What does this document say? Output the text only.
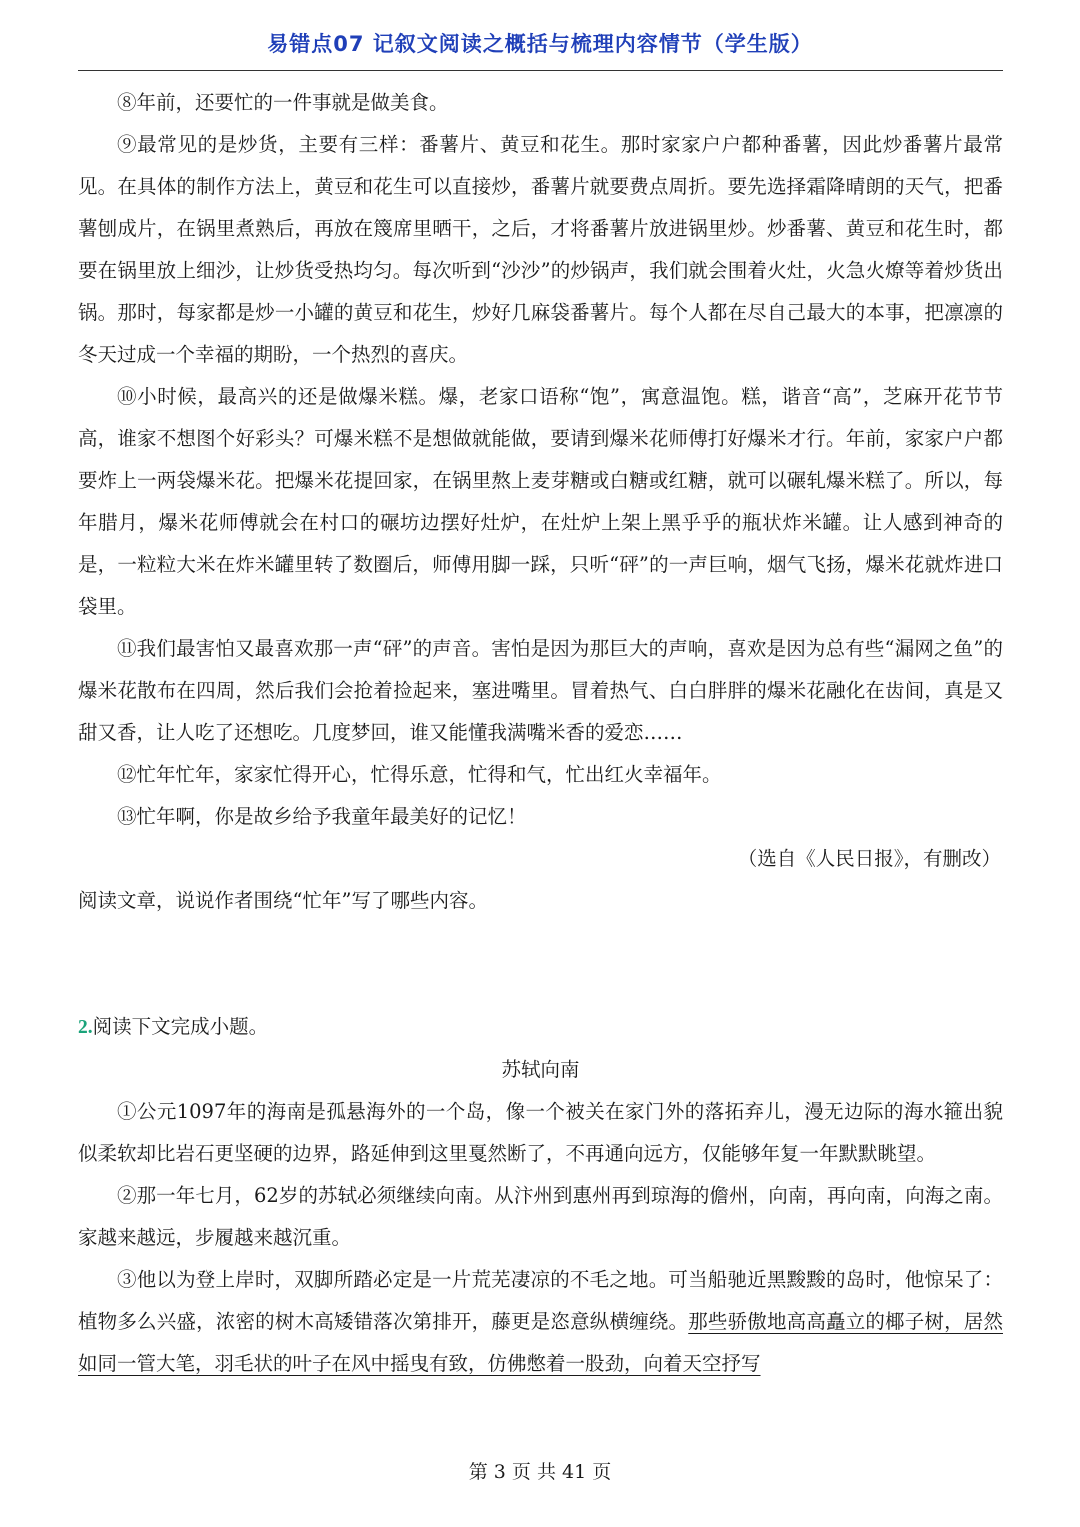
易错点07 记叙文阅读之概括与梳理内容情节（学生版）

⑧年前，还要忙的一件事就是做美食。

⑨最常见的是炒货，主要有三样：番薯片、黄豆和花生。那时家家户户都种番薯，因此炒番薯片最常见。在具体的制作方法上，黄豆和花生可以直接炒，番薯片就要费点周折。要先选择霜降晴朗的天气，把番薯刨成片，在锅里煮熟后，再放在篾席里晒干，之后，才将番薯片放进锅里炒。炒番薯、黄豆和花生时，都要在锅里放上细沙，让炒货受热均匀。每次听到“沙沙”的炒锅声，我们就会围着火灶，火急火燎等着炒货出锅。那时，每家都是炒一小罐的黄豆和花生，炒好几麻袋番薯片。每个人都在尽自己最大的本事，把凛凛的冬天过成一个幸福的期盼，一个热烈的喜庆。

⑩小时候，最高兴的还是做爆米糕。爆，老家口语称“饱”，寓意温饱。糕，谐音“高”，芝麻开花节节高，谁家不想图个好彩头？可爆米糕不是想做就能做，要请到爆米花师傅打好爆米才行。年前，家家户户都要炸上一两袋爆米花。把爆米花提回家，在锅里熬上麦芽糖或白糖或红糖，就可以碾轧爆米糕了。所以，每年腊月，爆米花师傅就会在村口的碾坊边摆好灶炉，在灶炉上架上黑乎乎的瓶状炸米罐。让人感到神奇的是，一粒粒大米在炸米罐里转了数圈后，师傅用脚一踩，只听“砰”的一声巨响，烟气飞扬，爆米花就炸进口袋里。

⑪我们最害怕又最喜欢那一声“砰”的声音。害怕是因为那巨大的声响，喜欢是因为总有些“漏网之鱼”的爆米花散布在四周，然后我们会抢着捡起来，塞进嘴里。冒着热气、白白胖胖的爆米花融化在齿间，真是又甜又香，让人吃了还想吃。几度梦回，谁又能懂我满嘴米香的爱恋……

⑫忙年忙年，家家忙得开心，忙得乐意，忙得和气，忙出红火幸福年。

⑬忙年啊，你是故乡给予我童年最美好的记忆！

（选自《人民日报》，有删改）

阅读文章，说说作者围绕“忙年”写了哪些内容。

2.阅读下文完成小题。

苏轼向南

①公元1097年的海南是孤悬海外的一个岛，像一个被关在家门外的落拓弃儿，漫无边际的海水箍出貌似柔软却比岩石更坚硬的边界，路延伸到这里戛然断了，不再通向远方，仅能够年复一年默默眺望。

②那一年七月，62岁的苏轼必须继续向南。从汴州到惠州再到琼海的儋州，向南，再向南，向海之南。家越来越远，步履越来越沉重。

③他以为登上岸时，双脚所踏必定是一片荒芜凄凉的不毛之地。可当船驰近黑黢黢的岛时，他惊呆了：植物多么兴盛，浓密的树木高矮错落次第排开，藤更是恣意纵横缠绕。那些骄傲地高高矗立的椰子树，居然如同一管大笔，羽毛状的叶子在风中摇曳有致，仿佛憋着一股劲，向着天空抒写

第 3 页 共 41 页
